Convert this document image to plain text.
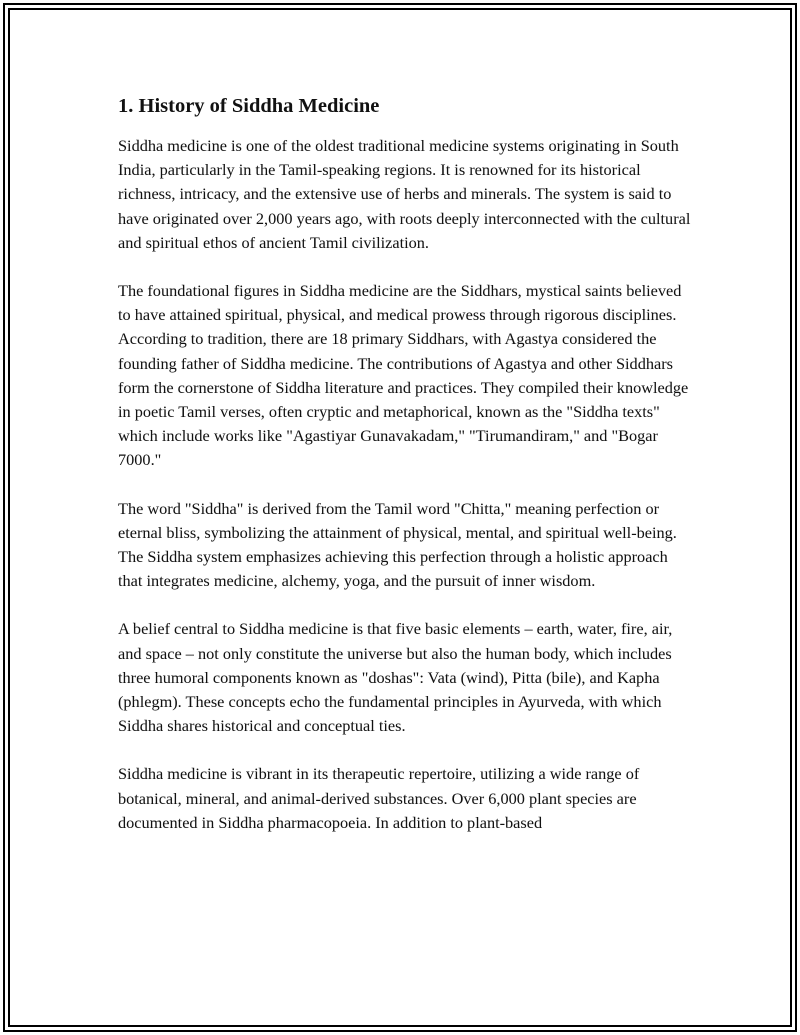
1. History of Siddha Medicine

Siddha medicine is one of the oldest traditional medicine systems originating in South India, particularly in the Tamil-speaking regions. It is renowned for its historical richness, intricacy, and the extensive use of herbs and minerals. The system is said to have originated over 2,000 years ago, with roots deeply interconnected with the cultural and spiritual ethos of ancient Tamil civilization.

The foundational figures in Siddha medicine are the Siddhars, mystical saints believed to have attained spiritual, physical, and medical prowess through rigorous disciplines. According to tradition, there are 18 primary Siddhars, with Agastya considered the founding father of Siddha medicine. The contributions of Agastya and other Siddhars form the cornerstone of Siddha literature and practices. They compiled their knowledge in poetic Tamil verses, often cryptic and metaphorical, known as the "Siddha texts" which include works like "Agastiyar Gunavakadam," "Tirumandiram," and "Bogar 7000."

The word "Siddha" is derived from the Tamil word "Chitta," meaning perfection or eternal bliss, symbolizing the attainment of physical, mental, and spiritual well-being. The Siddha system emphasizes achieving this perfection through a holistic approach that integrates medicine, alchemy, yoga, and the pursuit of inner wisdom.

A belief central to Siddha medicine is that five basic elements – earth, water, fire, air, and space – not only constitute the universe but also the human body, which includes three humoral components known as "doshas": Vata (wind), Pitta (bile), and Kapha (phlegm). These concepts echo the fundamental principles in Ayurveda, with which Siddha shares historical and conceptual ties.

Siddha medicine is vibrant in its therapeutic repertoire, utilizing a wide range of botanical, mineral, and animal-derived substances. Over 6,000 plant species are documented in Siddha pharmacopoeia. In addition to plant-based
